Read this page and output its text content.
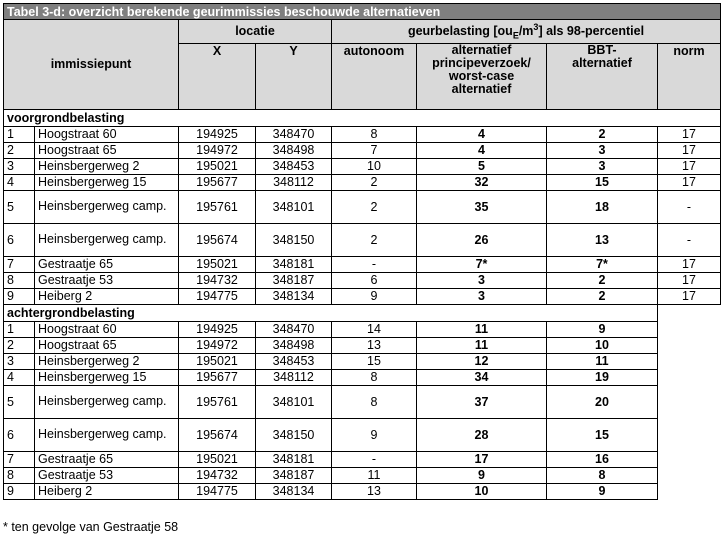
Tabel 3-d: overzicht berekende geurimmissies beschouwde alternatieven							
immissiepunt		locatie		geurbelasting $[ou_E/m^3]$ als 98-percentiel			
		X	Y	autonoom	alternatief principeverzoek/ worst-case alternatief	BBT-alternatief	norm
voorgrondbelasting							
1	Hoogstraat 60	194925	348470	8	4	2	17
2	Hoogstraat 65	194972	348498	7	4	3	17
3	Heinsbergerweg 2	195021	348453	10	5	3	17
4	Heinsbergerweg 15	195677	348112	2	32	15	17
5	Heinsbergerweg camp.	195761	348101	2	35	18	-
6	Heinsbergerweg camp.	195674	348150	2	26	13	-
7	Gestraatje 65	195021	348181	-	7*	7*	17
8	Gestraatje 53	194732	348187	6	3	2	17
9	Heiberg 2	194775	348134	9	3	2	17
achtergrondbelasting							
1	Hoogstraat 60	194925	348470	14	11	9	
2	Hoogstraat 65	194972	348498	13	11	10	
3	Heinsbergerweg 2	195021	348453	15	12	11	
4	Heinsbergerweg 15	195677	348112	8	34	19	
5	Heinsbergerweg camp.	195761	348101	8	37	20	
6	Heinsbergerweg camp.	195674	348150	9	28	15	
7	Gestraatje 65	195021	348181	-	17	16	
8	Gestraatje 53	194732	348187	11	9	8	
9	Heiberg 2	194775	348134	13	10	9	
* ten gevolge van Gestraatje 58
